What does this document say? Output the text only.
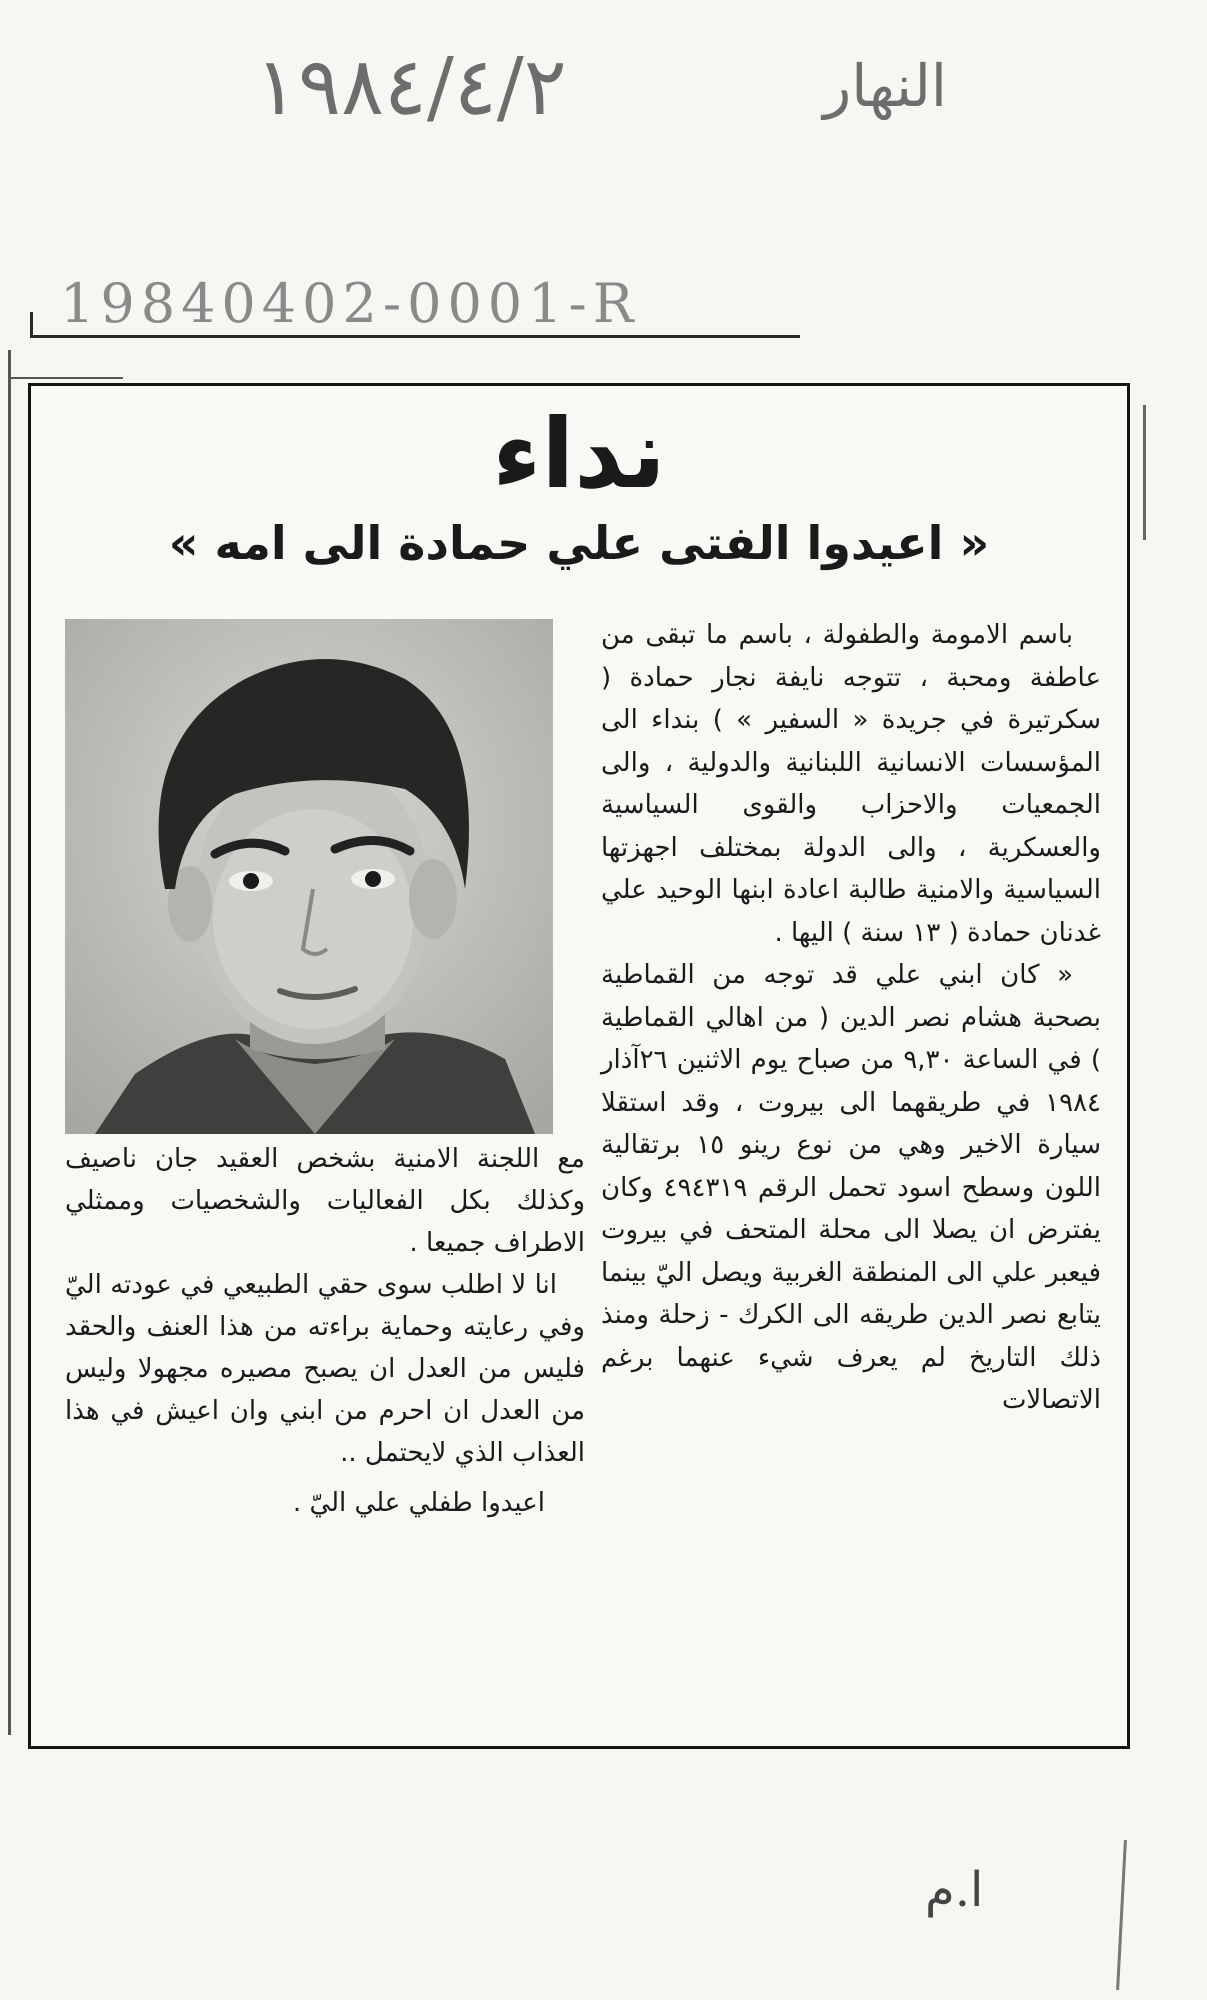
النهار
١٩٨٤/٤/٢
19840402-0001-R
نداء
« اعيدوا الفتى علي حمادة الى امه »

باسم الامومة والطفولة ، باسم ما تبقى من عاطفة ومحبة ، تتوجه نايفة نجار حمادة ( سكرتيرة في جريدة « السفير » ) بنداء الى المؤسسات الانسانية اللبنانية والدولية ، والى الجمعيات والاحزاب والقوى السياسية والعسكرية ، والى الدولة بمختلف اجهزتها السياسية والامنية طالبة اعادة ابنها الوحيد علي غدنان حمادة ( ١٣ سنة ) اليها .

« كان ابني علي قد توجه من القماطية بصحبة هشام نصر الدين ( من اهالي القماطية ) في الساعة ٩,٣٠ من صباح يوم الاثنين ٢٦آذار ١٩٨٤ في طريقهما الى بيروت ، وقد استقلا سيارة الاخير وهي من نوع رينو ١٥ برتقالية اللون وسطح اسود تحمل الرقم ٤٩٤٣١٩ وكان يفترض ان يصلا الى محلة المتحف في بيروت فيعبر علي الى المنطقة الغربية ويصل اليّ بينما يتابع نصر الدين طريقه الى الكرك - زحلة ومنذ ذلك التاريخ لم يعرف شيء عنهما برغم الاتصالات

مع اللجنة الامنية بشخص العقيد جان ناصيف وكذلك بكل الفعاليات والشخصيات وممثلي الاطراف جميعا .

انا لا اطلب سوى حقي الطبيعي في عودته اليّ وفي رعايته وحماية براءته من هذا العنف والحقد فليس من العدل ان يصبح مصيره مجهولا وليس من العدل ان احرم من ابني وان اعيش في هذا العذاب الذي لايحتمل ..

اعيدوا طفلي علي اليّ .

ا.م
